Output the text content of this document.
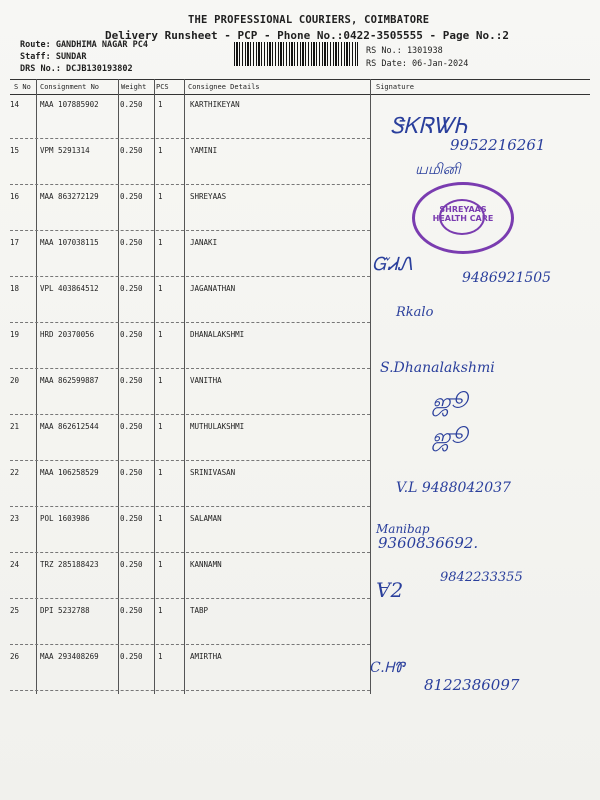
THE PROFESSIONAL COURIERS, COIMBATORE
Delivery Runsheet - PCP - Phone No.:0422-3505555 - Page No.:2
Route: GANDHIMA NAGAR PC4
Staff: SUNDAR
DRS No.: DCJB130193802
RS No.: 1301938
RS Date: 06-Jan-2024
S No Consignment No	Weight PCS	Consignee Details	Signature
14	MAA 107885902	0.250 1	KARTHIKEYAN
15	VPM 5291314	0.250 1	YAMINI
16	MAA 863272129	0.250 1	SHREYAAS
17	MAA 107038115	0.250 1	JANAKI
18	VPL 403864512	0.250 1	JAGANATHAN
19	HRD 20370056	0.250 1	DHANALAKSHMI
20	MAA 862599887	0.250 1	VANITHA
21	MAA 862612544	0.250 1	MUTHULAKSHMI
22	MAA 106258529	0.250 1	SRINIVASAN
23	POL 1603986	0.250 1	SALAMAN
24	TRZ 285188423	0.250 1	KANNAMN
25	DPI 5232788	0.250 1	TABP
26	MAA 293408269	0.250 1	AMIRTHA
ᏕᏦᏒᏔᏂ
9952216261
யமினி
SHREYAAS HEALTH CARE
ᏳᏗᏁ
9486921505
Rkalo
S.Dhanalakshmi
ஜூ
ஜூ
V.L 9488042037
Manibap
9360836692.
Ɐ2
9842233355
C.ᎻᏈ
8122386097
